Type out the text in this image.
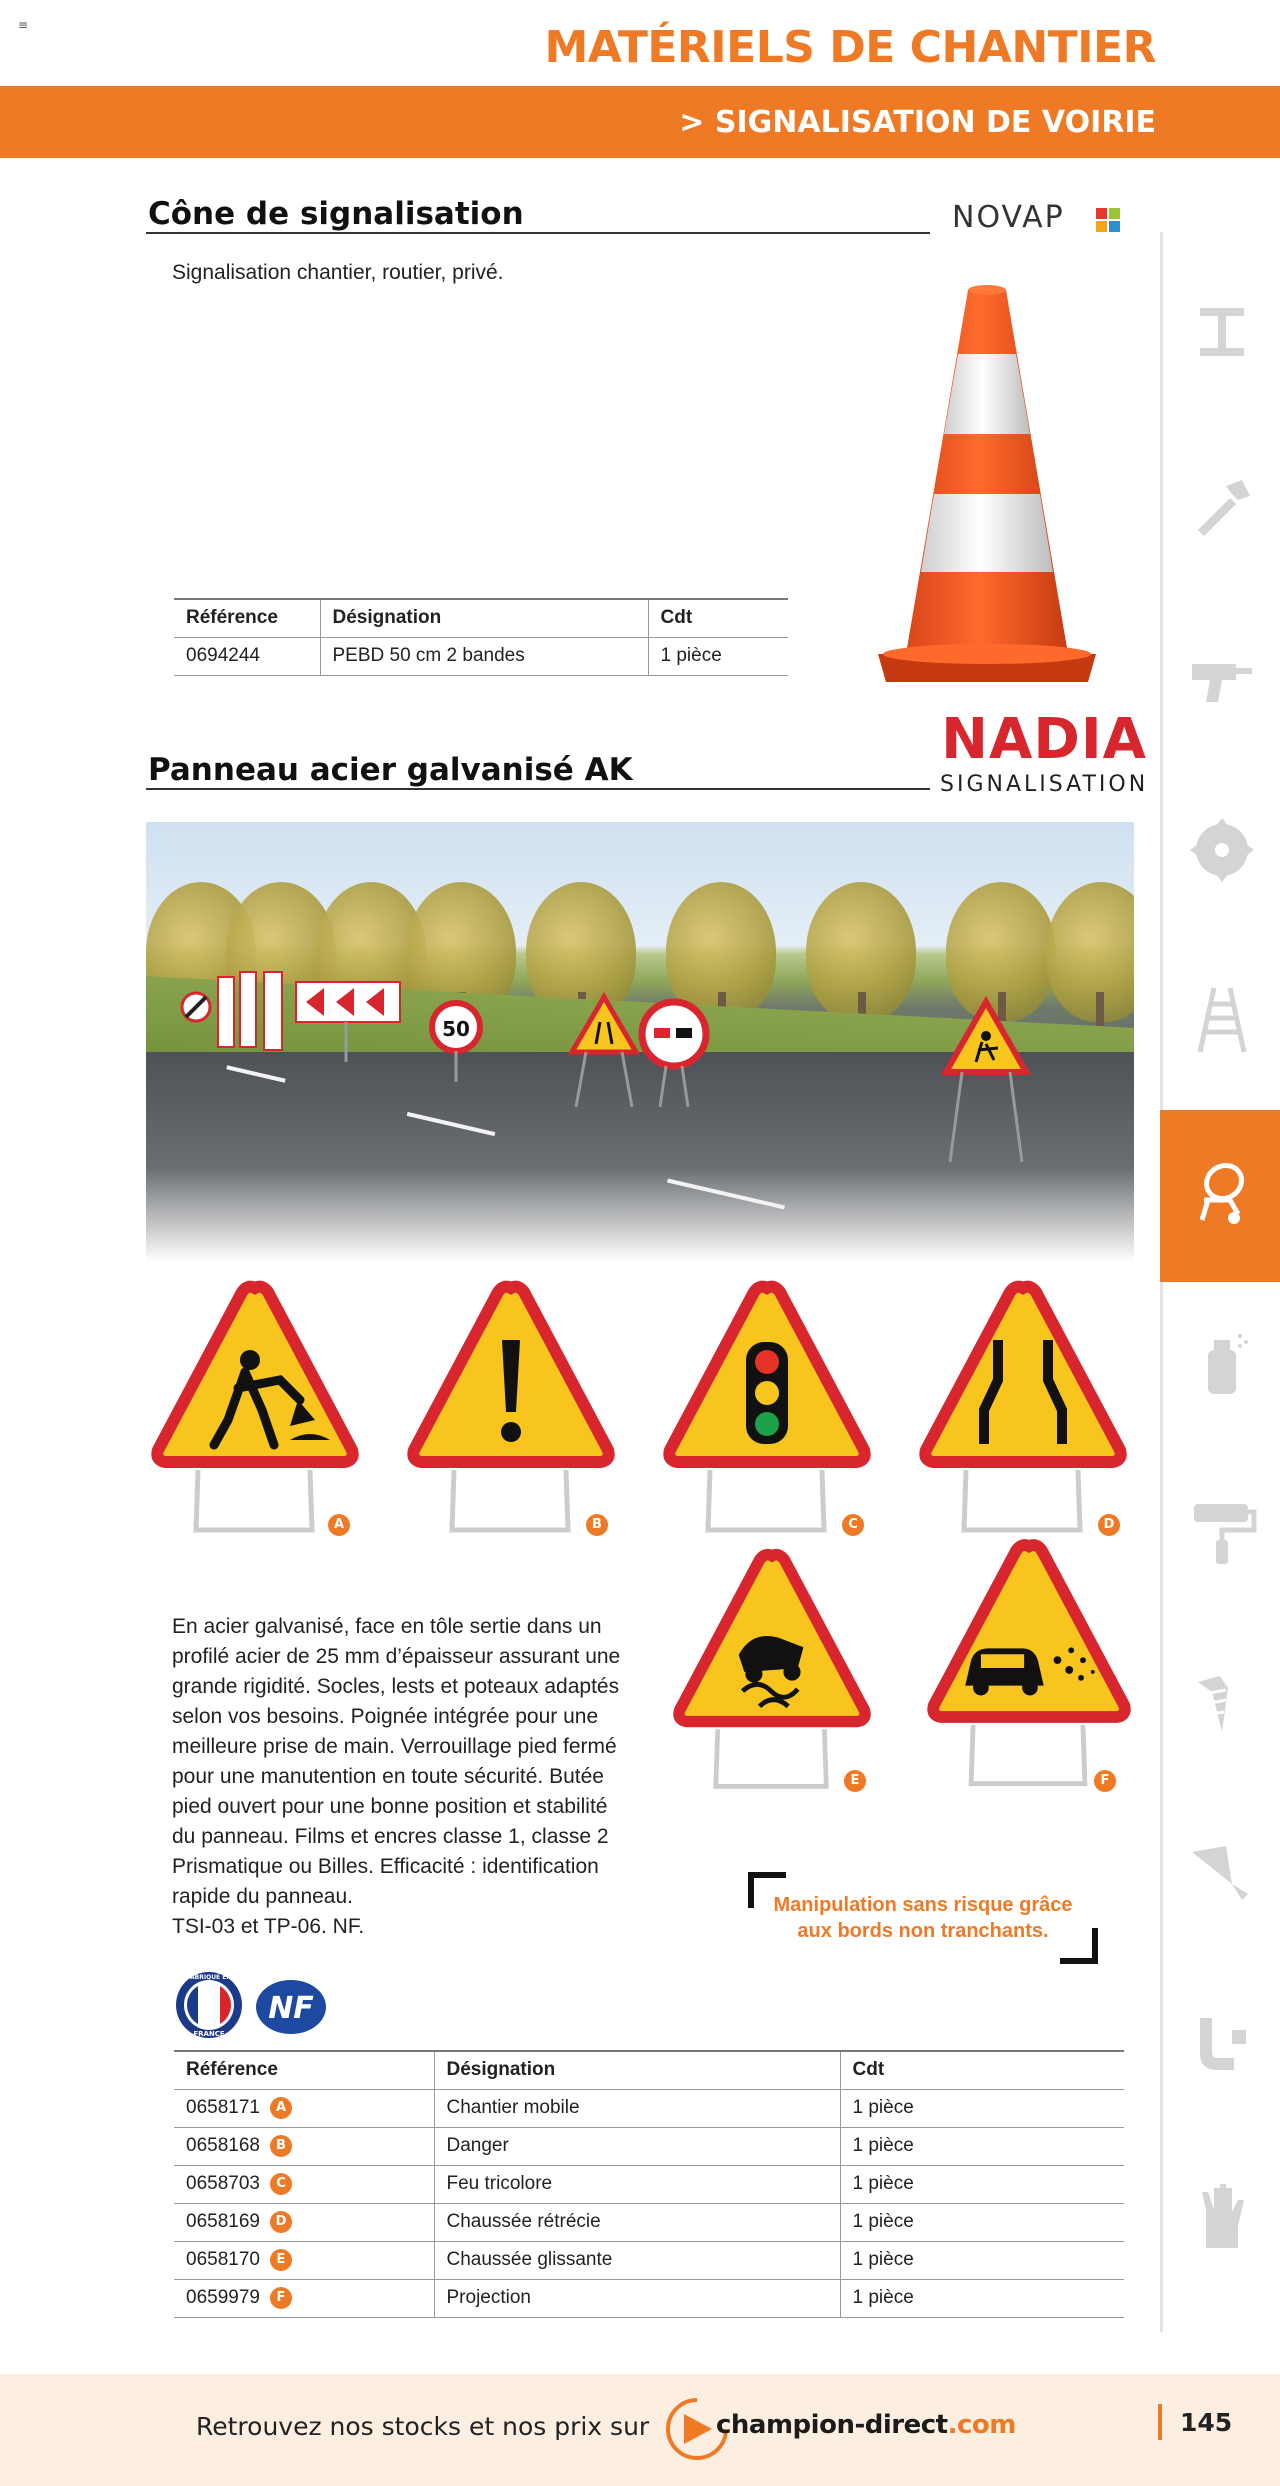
≡	MATÉRIELS DE CHANTIER
> SIGNALISATION DE VOIRIE
Cône de signalisation	NOVAP
Signalisation chantier, routier, privé.
Référence	Désignation	Cdt
0694244	PEBD 50 cm 2 bandes	1 pièce
Panneau acier galvanisé AK	NADIA
SIGNALISATION
50
A	B	C	D
E	F
En acier galvanisé, face en tôle sertie dans un
profilé acier de 25 mm d’épaisseur assurant une
grande rigidité. Socles, lests et poteaux adaptés
selon vos besoins. Poignée intégrée pour une
meilleure prise de main. Verrouillage pied fermé
pour une manutention en toute sécurité. Butée
pied ouvert pour une bonne position et stabilité
du panneau. Films et encres classe 1, classe 2
Prismatique ou Billes. Efficacité : identification
rapide du panneau.
TSI-03 et TP-06. NF.
Manipulation sans risque grâce
aux bords non tranchants.
FABRIQUÉ EN
FRANCE
NF
Référence	Désignation	Cdt
0658171 A	Chantier mobile	1 pièce
0658168 B	Danger	1 pièce
0658703 C	Feu tricolore	1 pièce
0658169 D	Chaussée rétrécie	1 pièce
0658170 E	Chaussée glissante	1 pièce
0659979 F	Projection	1 pièce
Retrouvez nos stocks et nos prix sur	champion-direct.com	145
